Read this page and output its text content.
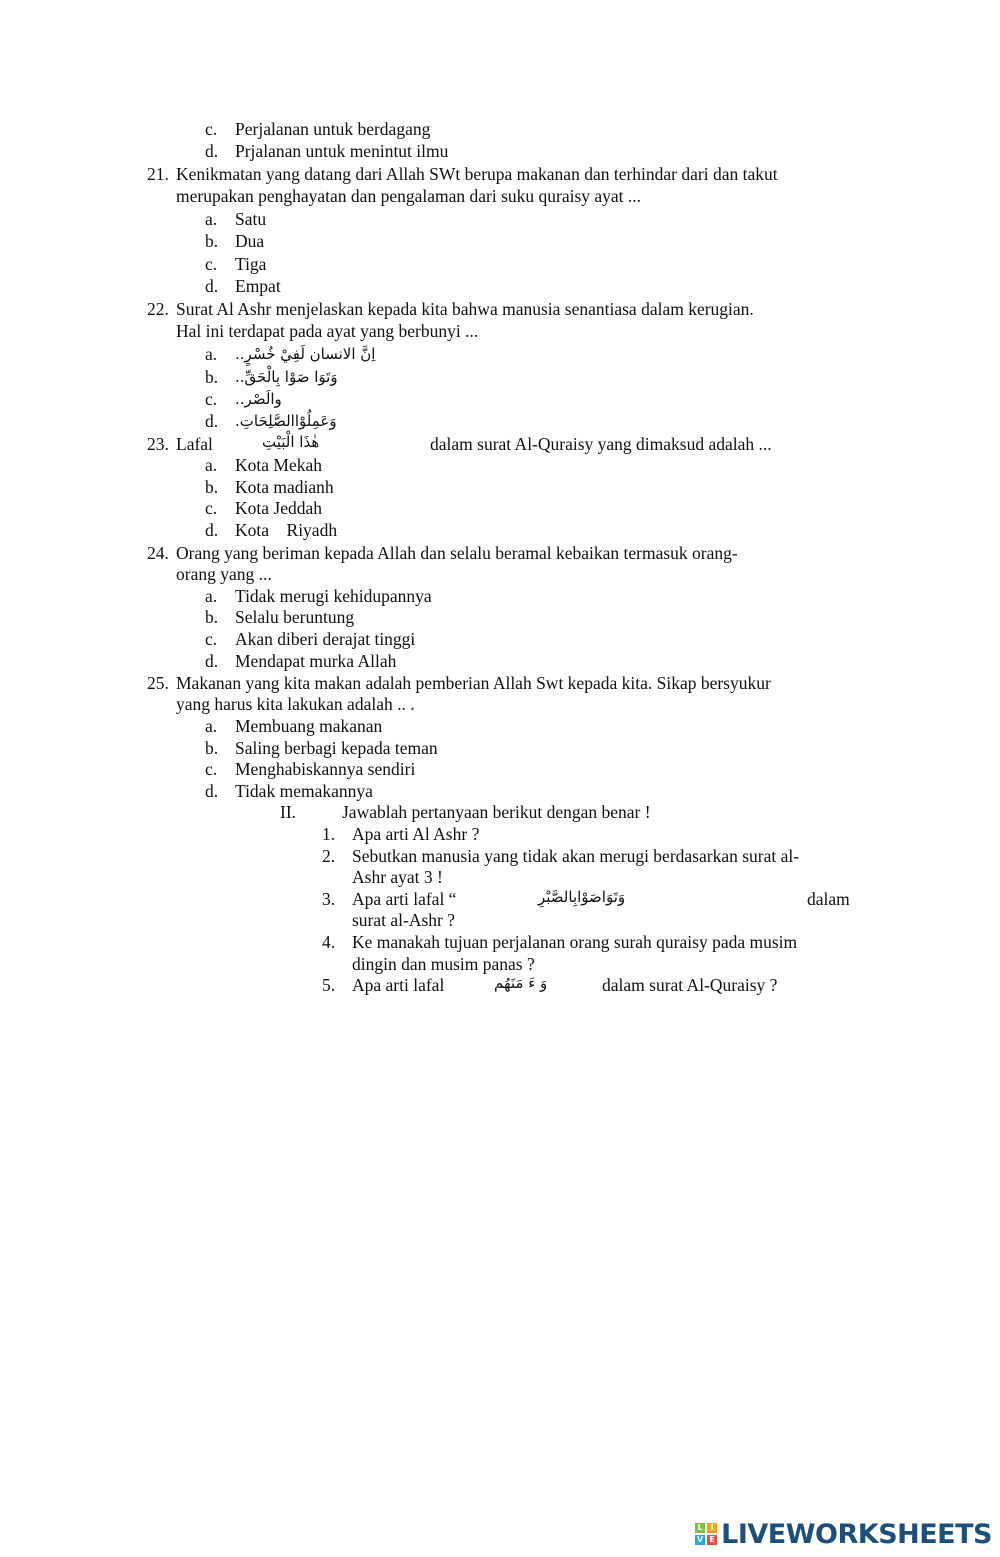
c. Perjalanan untuk berdagang
d. Prjalanan untuk menintut ilmu
21. Kenikmatan yang datang dari Allah SWt berupa makanan dan terhindar dari dan takut
merupakan penghayatan dan pengalaman dari suku quraisy ayat ...
a. Satu
b. Dua
c. Tiga
d. Empat
22. Surat Al Ashr menjelaskan kepada kita bahwa manusia senantiasa dalam kerugian.
Hal ini terdapat pada ayat yang berbunyi ...
a. اِنَّ الانسان لَفِيْ خُسْرٍ..
b. وَتَوَا صَوْا بِالْحَقِّ..
c. والَصْر..
d. وَعَمِلُوْاالصَّلِحَاتِ.
23. Lafal	هٰذَا الْبَيْتِ	dalam surat Al-Quraisy yang dimaksud adalah ...
a. Kota Mekah
b. Kota madianh
c. Kota Jeddah
d. Kota    Riyadh
24. Orang yang beriman kepada Allah dan selalu beramal kebaikan termasuk orang-
orang yang ...
a. Tidak merugi kehidupannya
b. Selalu beruntung
c. Akan diberi derajat tinggi
d. Mendapat murka Allah
25. Makanan yang kita makan adalah pemberian Allah Swt kepada kita. Sikap bersyukur
yang harus kita lakukan adalah .. .
a. Membuang makanan
b. Saling berbagi kepada teman
c. Menghabiskannya sendiri
d. Tidak memakannya
II.	Jawablah pertanyaan berikut dengan benar !
1. Apa arti Al Ashr ?
2. Sebutkan manusia yang tidak akan merugi berdasarkan surat al-
Ashr ayat 3 !
3. Apa arti lafal “	وَتَوَاصَوْابِالصَّبْرِ	dalam
surat al-Ashr ?
4. Ke manakah tujuan perjalanan orang surah quraisy pada musim
dingin dan musim panas ?
5. Apa arti lafal	وَ ءَ مَنَهُم	dalam surat Al-Quraisy ?
L I
V E LIVEWORKSHEETS
